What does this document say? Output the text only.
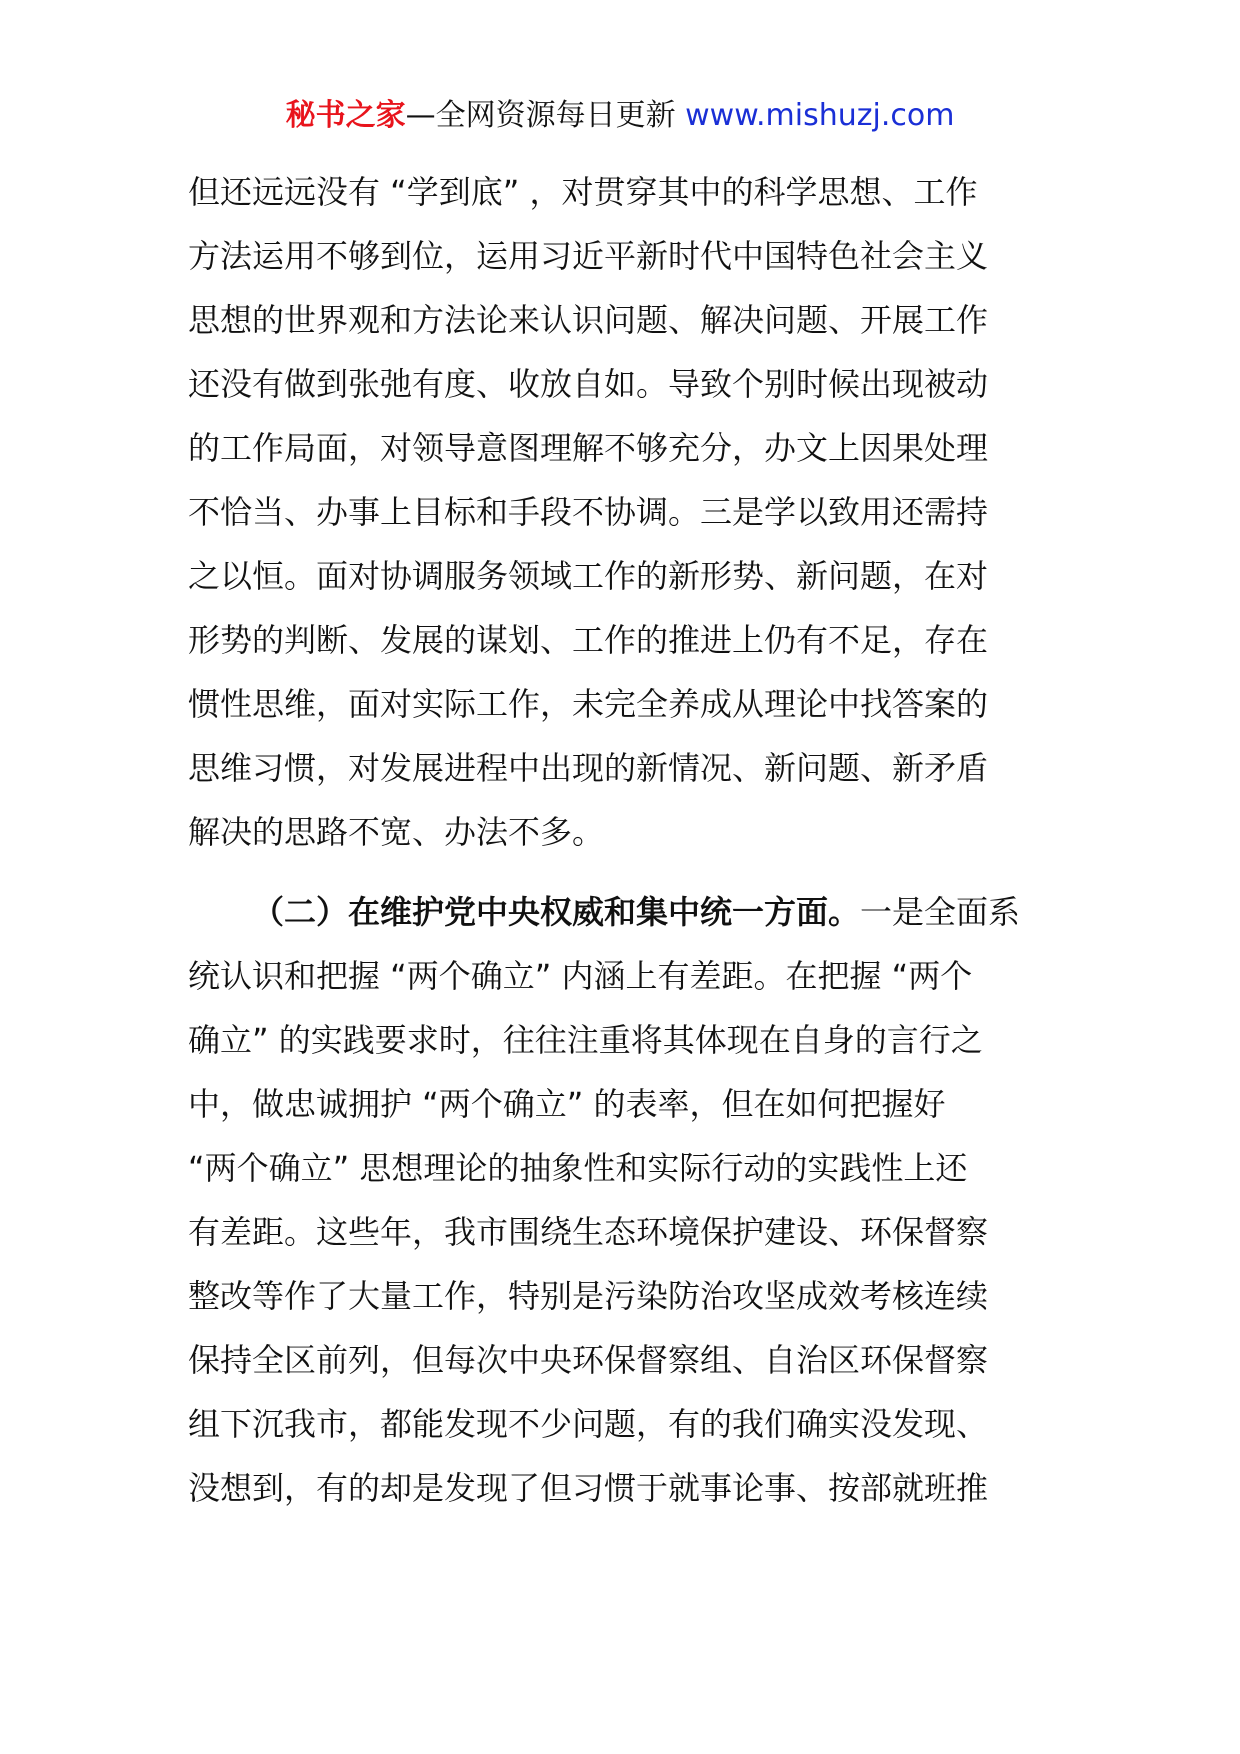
秘书之家—全网资源每日更新 www.mishuzj.com
但还远远没有 “学到底” ，对贯穿其中的科学思想、工作
方法运用不够到位，运用习近平新时代中国特色社会主义
思想的世界观和方法论来认识问题、解决问题、开展工作
还没有做到张弛有度、收放自如。导致个别时候出现被动
的工作局面，对领导意图理解不够充分，办文上因果处理
不恰当、办事上目标和手段不协调。三是学以致用还需持
之以恒。面对协调服务领域工作的新形势、新问题，在对
形势的判断、发展的谋划、工作的推进上仍有不足，存在
惯性思维，面对实际工作，未完全养成从理论中找答案的
思维习惯，对发展进程中出现的新情况、新问题、新矛盾
解决的思路不宽、办法不多。
（二）在维护党中央权威和集中统一方面。一是全面系
统认识和把握 “两个确立” 内涵上有差距。在把握 “两个
确立” 的实践要求时，往往注重将其体现在自身的言行之
中，做忠诚拥护 “两个确立” 的表率，但在如何把握好
“两个确立” 思想理论的抽象性和实际行动的实践性上还
有差距。这些年，我市围绕生态环境保护建设、环保督察
整改等作了大量工作，特别是污染防治攻坚成效考核连续
保持全区前列，但每次中央环保督察组、自治区环保督察
组下沉我市，都能发现不少问题，有的我们确实没发现、
没想到，有的却是发现了但习惯于就事论事、按部就班推
